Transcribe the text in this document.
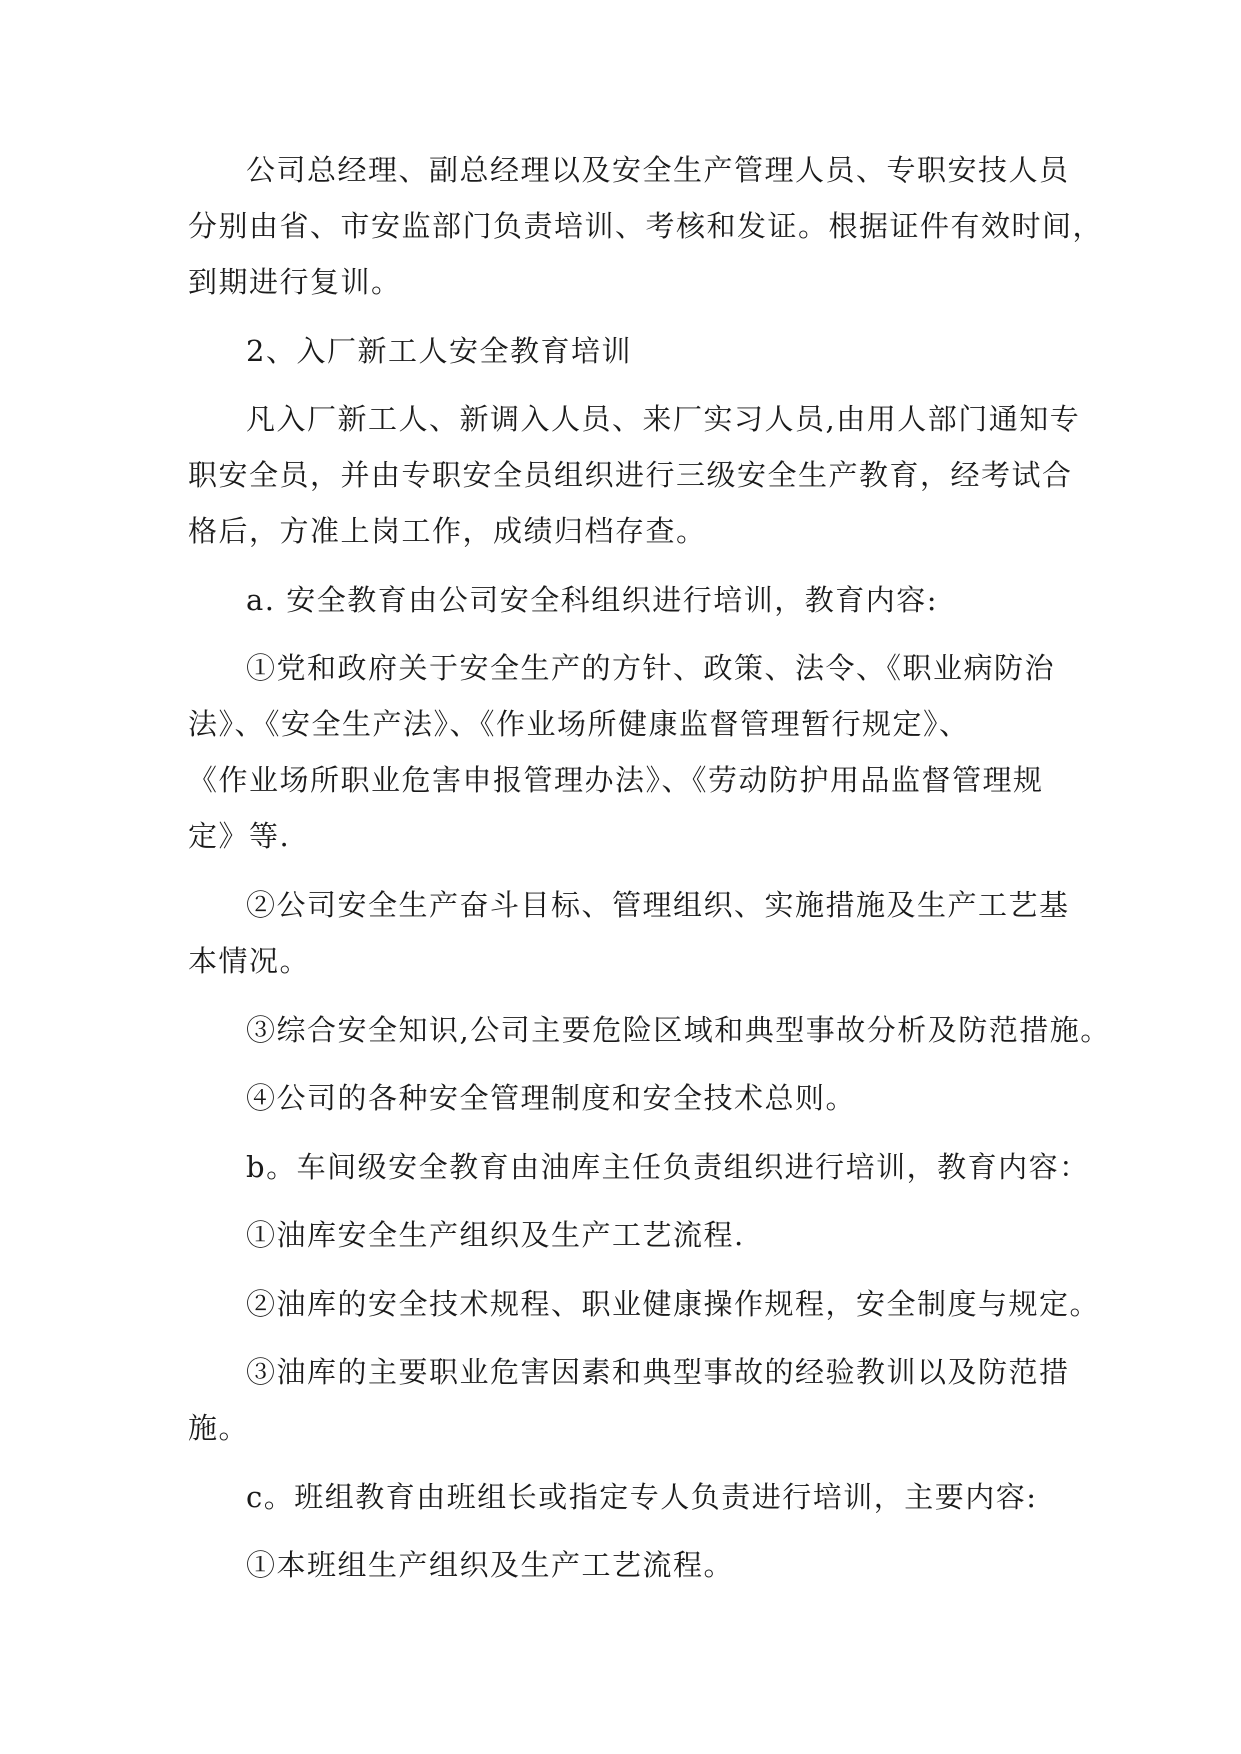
公司总经理、副总经理以及安全生产管理人员、专职安技人员
分别由省、市安监部门负责培训、考核和发证。根据证件有效时间，
到期进行复训。
2、入厂新工人安全教育培训
凡入厂新工人、新调入人员、来厂实习人员,由用人部门通知专
职安全员，并由专职安全员组织进行三级安全生产教育，经考试合
格后，方准上岗工作，成绩归档存查。
a. 安全教育由公司安全科组织进行培训，教育内容:
①党和政府关于安全生产的方针、政策、法令、《职业病防治
法》、《安全生产法》、《作业场所健康监督管理暂行规定》、
《作业场所职业危害申报管理办法》、《劳动防护用品监督管理规
定》等.
②公司安全生产奋斗目标、管理组织、实施措施及生产工艺基
本情况。
③综合安全知识,公司主要危险区域和典型事故分析及防范措施。
④公司的各种安全管理制度和安全技术总则。
b。车间级安全教育由油库主任负责组织进行培训，教育内容：
①油库安全生产组织及生产工艺流程.
②油库的安全技术规程、职业健康操作规程，安全制度与规定。
③油库的主要职业危害因素和典型事故的经验教训以及防范措
施。
c。班组教育由班组长或指定专人负责进行培训，主要内容:
①本班组生产组织及生产工艺流程。
